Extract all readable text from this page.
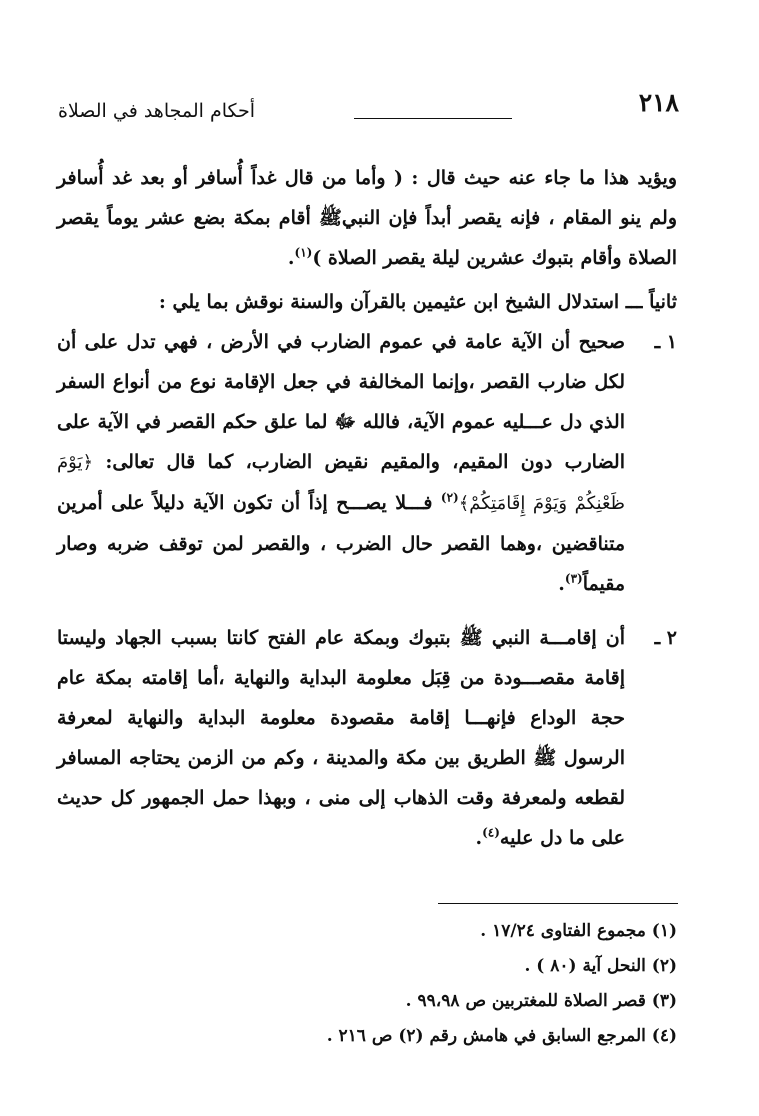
٢١٨
أحكام المجاهد في الصلاة

ويؤيد هذا ما جاء عنه حيث قال : ( وأما من قال غداً أُسافر أو بعد غد أُسافر ولم ينو المقام ، فإنه يقصر أبداً فإن النبيﷺ أقام بمكة بضع عشر يوماً يقصر الصلاة وأقام بتبوك عشرين ليلة يقصر الصلاة )$^{(١)}$.

ثانياً ـــ استدلال الشيخ ابن عثيمين بالقرآن والسنة نوقش بما يلي :

١ ـ

صحيح أن الآية عامة في عموم الضارب في الأرض ، فهي تدل على أن لكل ضارب القصر ،وإنما المخالفة في جعل الإقامة نوع من أنواع السفر الذي دل عـــليه عموم الآية، فالله ﷻ لما علق حكم القصر في الآية على الضارب دون المقيم، والمقيم نقيض الضارب، كما قال تعالى: ﴿يَوْمَ ظَعْنِكُمْ وَيَوْمَ إِقَامَتِكُمْ﴾$^{(٢)}$ فـــلا يصـــح إذاً أن تكون الآية دليلاً على أمرين متناقضين ،وهما القصر حال الضرب ، والقصر لمن توقف ضربه وصار مقيماً$^{(٣)}$.

٢ ـ

أن إقامـــة النبي ﷺ بتبوك وبمكة عام الفتح كانتا بسبب الجهاد وليستا إقامة مقصـــودة من قِبَل معلومة البداية والنهاية ،أما إقامته بمكة عام حجة الوداع فإنهـــا إقامة مقصودة معلومة البداية والنهاية لمعرفة الرسول ﷺ الطريق بين مكة والمدينة ، وكم من الزمن يحتاجه المسافر لقطعه ولمعرفة وقت الذهاب إلى منى ، وبهذا حمل الجمهور كل حديث على ما دل عليه$^{(٤)}$.

(١) مجموع الفتاوى ١٧/٢٤ .

(٢) النحل آية (٨٠ ) .

(٣) قصر الصلاة للمغتربين ص ٩٩،٩٨ .

(٤) المرجع السابق في هامش رقم (٢) ص ٢١٦ .
